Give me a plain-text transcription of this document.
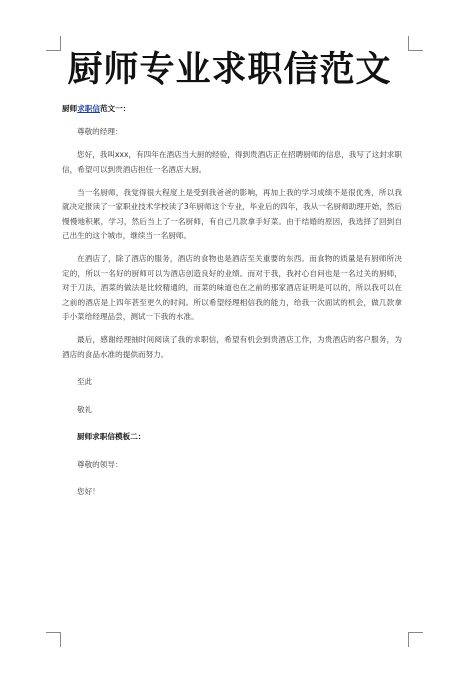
厨师专业求职信范文

厨师求职信范文一：

尊敬的经理：

您好，我叫xxx，有四年在酒店当大厨的经验，得到贵酒店正在招聘厨师的信息，我写了这封求职信，希望可以到贵酒店担任一名酒店大厨。

当一名厨师，我觉得很大程度上是受到我爸爸的影响，再加上我的学习成绩不是很优秀，所以我就决定报读了一家职业技术学校读了3年厨师这个专业，毕业后的四年，我从一名厨师助理开始，然后慢慢地积累，学习，然后当上了一名厨师，有自己几款拿手好菜。由于结婚的原因，我选择了回到自己出生的这个城市，继续当一名厨师。

在酒店了，除了酒店的服务，酒店的食物也是酒店至关重要的东西。而食物的质量是有厨师所决定的，所以一名好的厨师可以为酒店创造良好的业绩。而对于我，我衬心自问也是一名过关的厨师，对于刀法，酒菜的做法是比较精通的，而菜的味道也在之前的那家酒店证明是可以的，所以我可以在之前的酒店是上四年甚至更久的时间。所以希望经理相信我的能力，给我一次面试的机会，做几款拿手小菜给经理品尝，测试一下我的水准。

最后，感谢经理抽时间阅读了我的求职信，希望有机会到贵酒店工作，为贵酒店的客户服务，为酒店的食品水准的提供而努力。

至此

敬礼

厨师求职信模板二：

尊敬的领导：

您好！
